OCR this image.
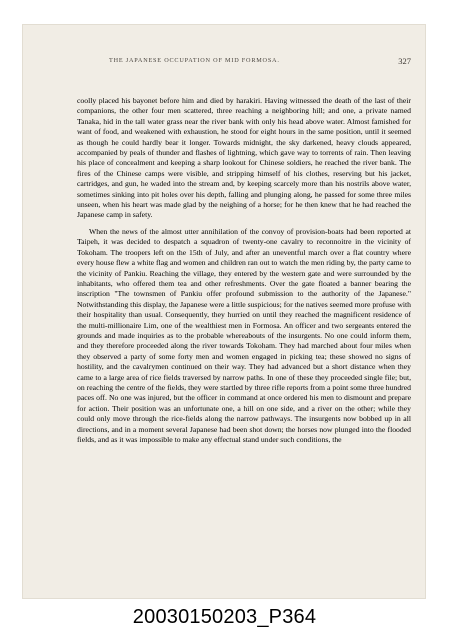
THE JAPANESE OCCUPATION OF MID FORMOSA.	327

coolly placed his bayonet before him and died by harakiri. Having witnessed the death of the last of their companions, the other four men scattered, three reaching a neighboring hill; and one, a private named Tanaka, hid in the tall water grass near the river bank with only his head above water. Almost famished for want of food, and weakened with exhaustion, he stood for eight hours in the same position, until it seemed as though he could hardly bear it longer. Towards midnight, the sky darkened, heavy clouds appeared, accompanied by peals of thunder and flashes of lightning, which gave way to torrents of rain. Then leaving his place of concealment and keeping a sharp lookout for Chinese soldiers, he reached the river bank. The fires of the Chinese camps were visible, and stripping himself of his clothes, reserving but his jacket, cartridges, and gun, he waded into the stream and, by keeping scarcely more than his nostrils above water, sometimes sinking into pit holes over his depth, falling and plunging along, he passed for some three miles unseen, when his heart was made glad by the neighing of a horse; for he then knew that he had reached the Japanese camp in safety.

When the news of the almost utter annihilation of the convoy of provision-boats had been reported at Taipeh, it was decided to despatch a squadron of twenty-one cavalry to reconnoitre in the vicinity of Tokoham. The troopers left on the 15th of July, and after an uneventful march over a flat country where every house flew a white flag and women and children ran out to watch the men riding by, the party came to the vicinity of Pankiu. Reaching the village, they entered by the western gate and were surrounded by the inhabitants, who offered them tea and other refreshments. Over the gate floated a banner bearing the inscription "The townsmen of Pankiu offer profound submission to the authority of the Japanese." Notwithstanding this display, the Japanese were a little suspicious; for the natives seemed more profuse with their hospitality than usual. Consequently, they hurried on until they reached the magnificent residence of the multi-millionaire Lim, one of the wealthiest men in Formosa. An officer and two sergeants entered the grounds and made inquiries as to the probable whereabouts of the insurgents. No one could inform them, and they therefore proceeded along the river towards Tokoham. They had marched about four miles when they observed a party of some forty men and women engaged in picking tea; these showed no signs of hostility, and the cavalrymen continued on their way. They had advanced but a short distance when they came to a large area of rice fields traversed by narrow paths. In one of these they proceeded single file; but, on reaching the centre of the fields, they were startled by three rifle reports from a point some three hundred paces off. No one was injured, but the officer in command at once ordered his men to dismount and prepare for action. Their position was an unfortunate one, a hill on one side, and a river on the other; while they could only move through the rice-fields along the narrow pathways. The insurgents now bobbed up in all directions, and in a moment several Japanese had been shot down; the horses now plunged into the flooded fields, and as it was impossible to make any effectual stand under such conditions, the

20030150203_P364
